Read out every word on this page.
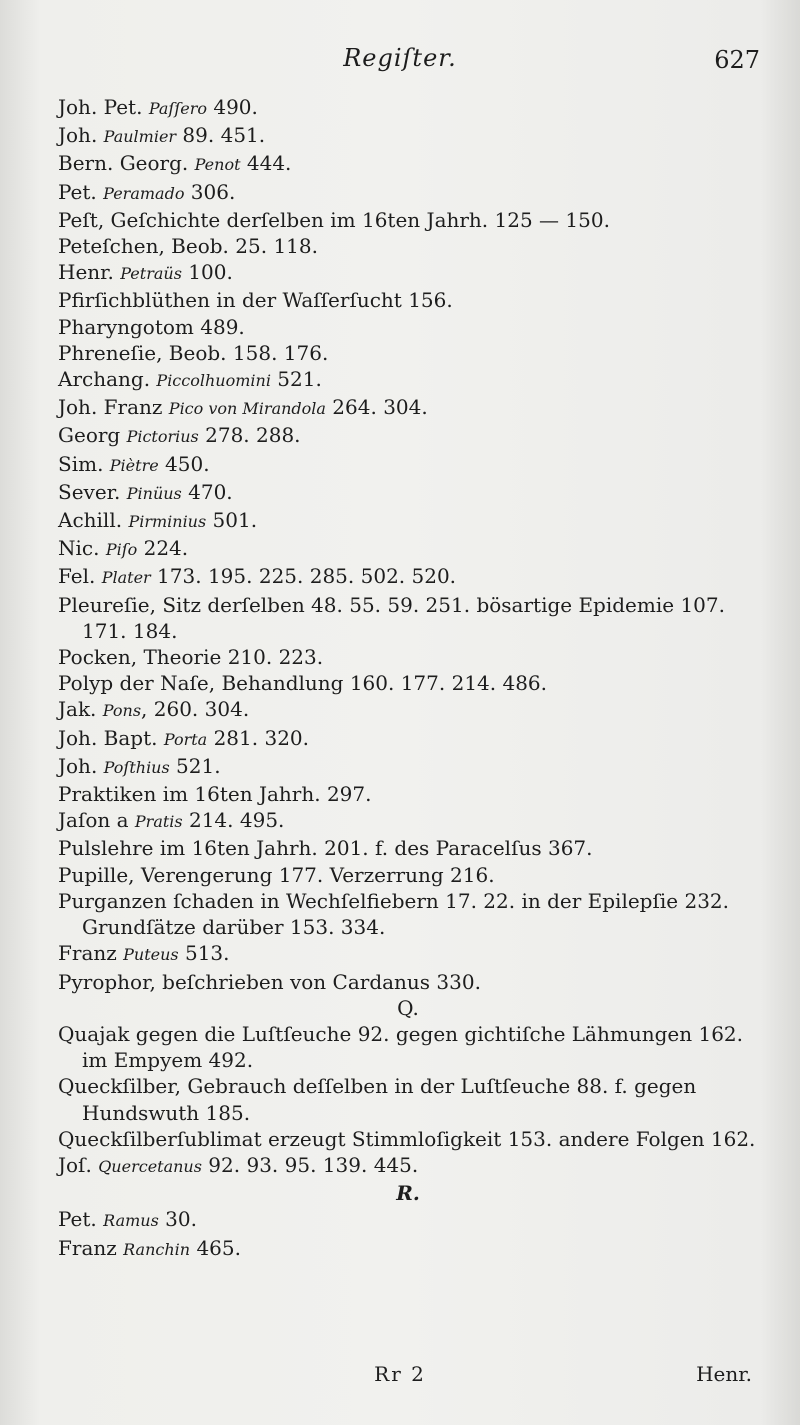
Regiſter.	627
Joh. Pet. Paſſero 490.
Joh. Paulmier 89. 451.
Bern. Georg. Penot 444.
Pet. Peramado 306.
Peſt, Geſchichte derſelben im 16ten Jahrh. 125 — 150.
Peteſchen, Beob. 25. 118.
Henr. Petraüs 100.
Pfirſichblüthen in der Waſſerſucht 156.
Pharyngotom 489.
Phreneſie, Beob. 158. 176.
Archang. Piccolhuomini 521.
Joh. Franz Pico von Mirandola 264. 304.
Georg Pictorius 278. 288.
Sim. Piètre 450.
Sever. Pinüus 470.
Achill. Pirminius 501.
Nic. Piſo 224.
Fel. Plater 173. 195. 225. 285. 502. 520.
Pleureſie, Sitz derſelben 48. 55. 59. 251. bösartige Epidemie 107. 171. 184.
Pocken, Theorie 210. 223.
Polyp der Naſe, Behandlung 160. 177. 214. 486.
Jak. Pons, 260. 304.
Joh. Bapt. Porta 281. 320.
Joh. Poſthius 521.
Praktiken im 16ten Jahrh. 297.
Jaſon a Pratis 214. 495.
Pulslehre im 16ten Jahrh. 201. f. des Paracelſus 367.
Pupille, Verengerung 177. Verzerrung 216.
Purganzen ſchaden in Wechſelfiebern 17. 22. in der Epilepſie 232. Grundſätze darüber 153. 334.
Franz Puteus 513.
Pyrophor, beſchrieben von Cardanus 330.
Q.
Quajak gegen die Luſtſeuche 92. gegen gichtiſche Lähmungen 162. im Empyem 492.
Queckſilber, Gebrauch deſſelben in der Luſtſeuche 88. f. gegen Hundswuth 185.
Queckſilberſublimat erzeugt Stimmloſigkeit 153. andere Folgen 162.
Joſ. Quercetanus 92. 93. 95. 139. 445.
R.
Pet. Ramus 30.
Franz Ranchin 465.
Rr 2	Henr.
